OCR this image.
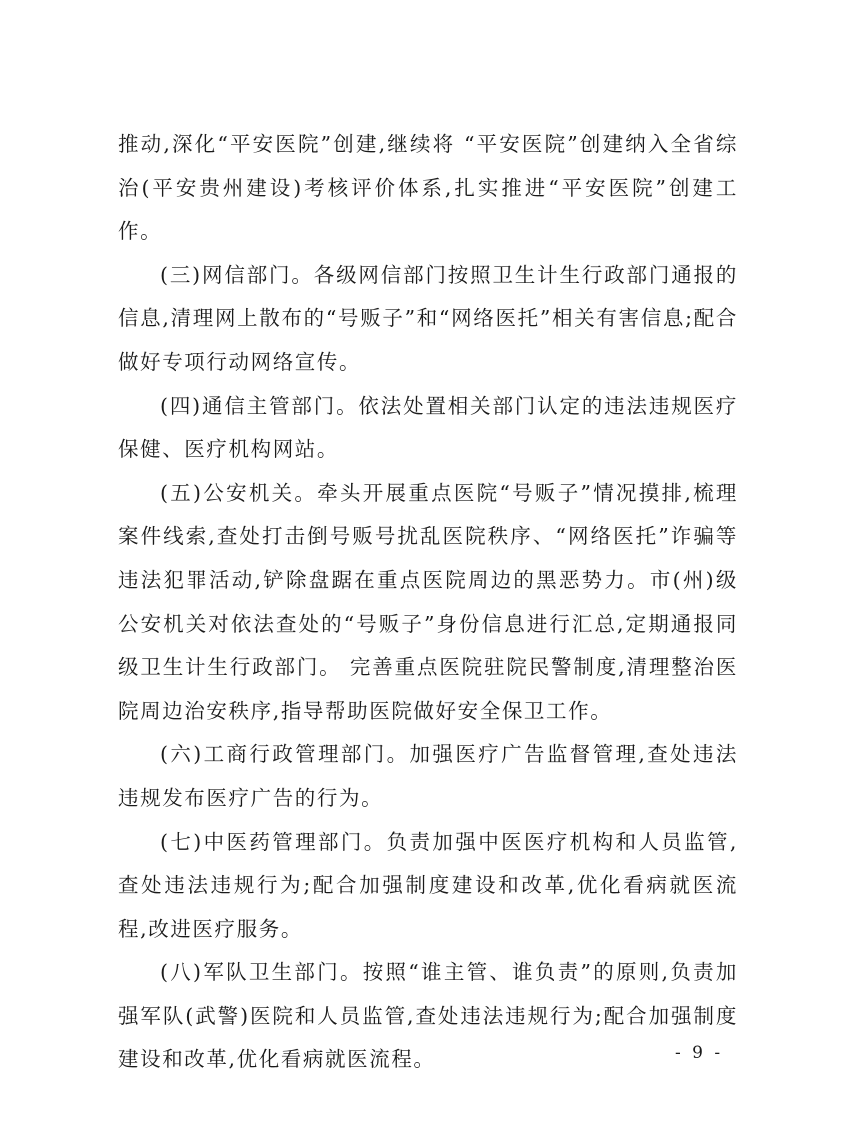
推动,深化“平安医院”创建,继续将 “平安医院”创建纳入全省综治(平安贵州建设)考核评价体系,扎实推进“平安医院”创建工作。

(三)网信部门。各级网信部门按照卫生计生行政部门通报的信息,清理网上散布的“号贩子”和“网络医托”相关有害信息;配合做好专项行动网络宣传。

(四)通信主管部门。依法处置相关部门认定的违法违规医疗保健、医疗机构网站。

(五)公安机关。牵头开展重点医院“号贩子”情况摸排,梳理案件线索,查处打击倒号贩号扰乱医院秩序、“网络医托”诈骗等违法犯罪活动,铲除盘踞在重点医院周边的黑恶势力。市(州)级公安机关对依法查处的“号贩子”身份信息进行汇总,定期通报同级卫生计生行政部门。 完善重点医院驻院民警制度,清理整治医院周边治安秩序,指导帮助医院做好安全保卫工作。

(六)工商行政管理部门。加强医疗广告监督管理,查处违法违规发布医疗广告的行为。

(七)中医药管理部门。负责加强中医医疗机构和人员监管,查处违法违规行为;配合加强制度建设和改革,优化看病就医流程,改进医疗服务。

(八)军队卫生部门。按照“谁主管、谁负责”的原则,负责加强军队(武警)医院和人员监管,查处违法违规行为;配合加强制度建设和改革,优化看病就医流程。	- 9 -
